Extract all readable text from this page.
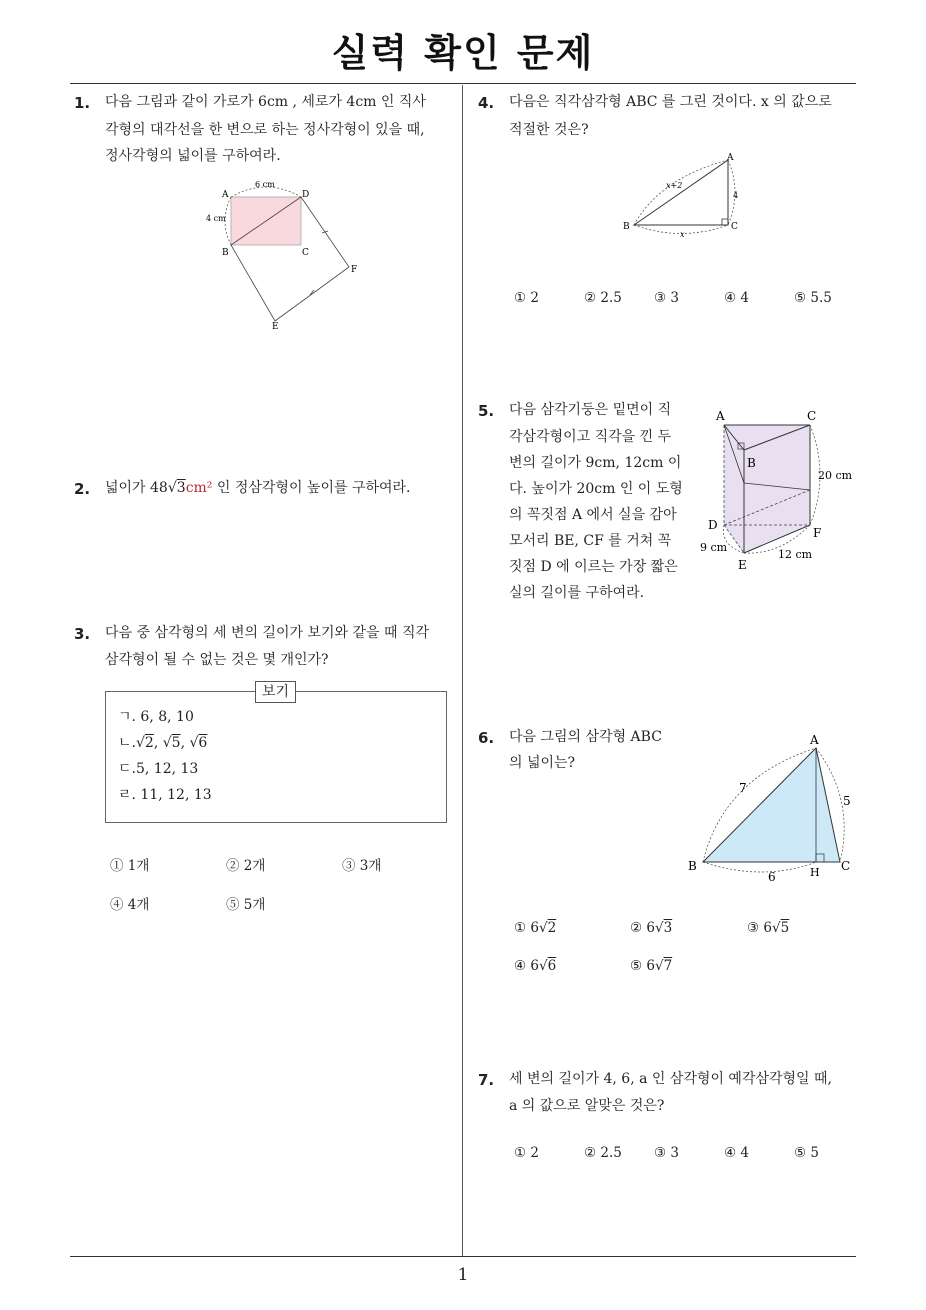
실력 확인 문제
1. 다음 그림과 같이 가로가 6cm , 세로가 4cm 인 직사
각형의 대각선을 한 변으로 하는 정사각형이 있을 때,
정사각형의 넓이를 구하여라.
A	D
B	C
F
E
6 cm
4 cm
2. 넓이가 48√3cm² 인 정삼각형이 높이를 구하여라.
3. 다음 중 삼각형의 세 변의 길이가 보기와 같을 때 직각
삼각형이 될 수 없는 것은 몇 개인가?
보기
ㄱ. 6, 8, 10
ㄴ.√2, √5, √6
ㄷ.5, 12, 13
ㄹ. 11, 12, 13
① 1개	② 2개	③ 3개
④ 4개	⑤ 5개
4. 다음은 직각삼각형 ABC 를 그린 것이다. x 의 값으로
적절한 것은?
A
B	C
x+2
4
x
① 2	② 2.5 ③ 3	④ 4	⑤ 5.5
5. 다음 삼각기둥은 밑면이 직
각삼각형이고 직각을 낀 두
변의 길이가 9cm, 12cm 이
다. 높이가 20cm 인 이 도형
의 꼭짓점 A 에서 실을 감아
모서리 BE, CF 를 거쳐 꼭
짓점 D 에 이르는 가장 짧은
실의 길이를 구하여라.
A	C
B
D
F
E
20 cm
9 cm
12 cm
6. 다음 그림의 삼각형 ABC
의 넓이는?
A
B	C
H
7
5
6
① 6√2	② 6√3	③ 6√5
④ 6√6	⑤ 6√7
7. 세 변의 길이가 4, 6, a 인 삼각형이 예각삼각형일 때,
a 의 값으로 알맞은 것은?
① 2	② 2.5 ③ 3	④ 4	⑤ 5
1
